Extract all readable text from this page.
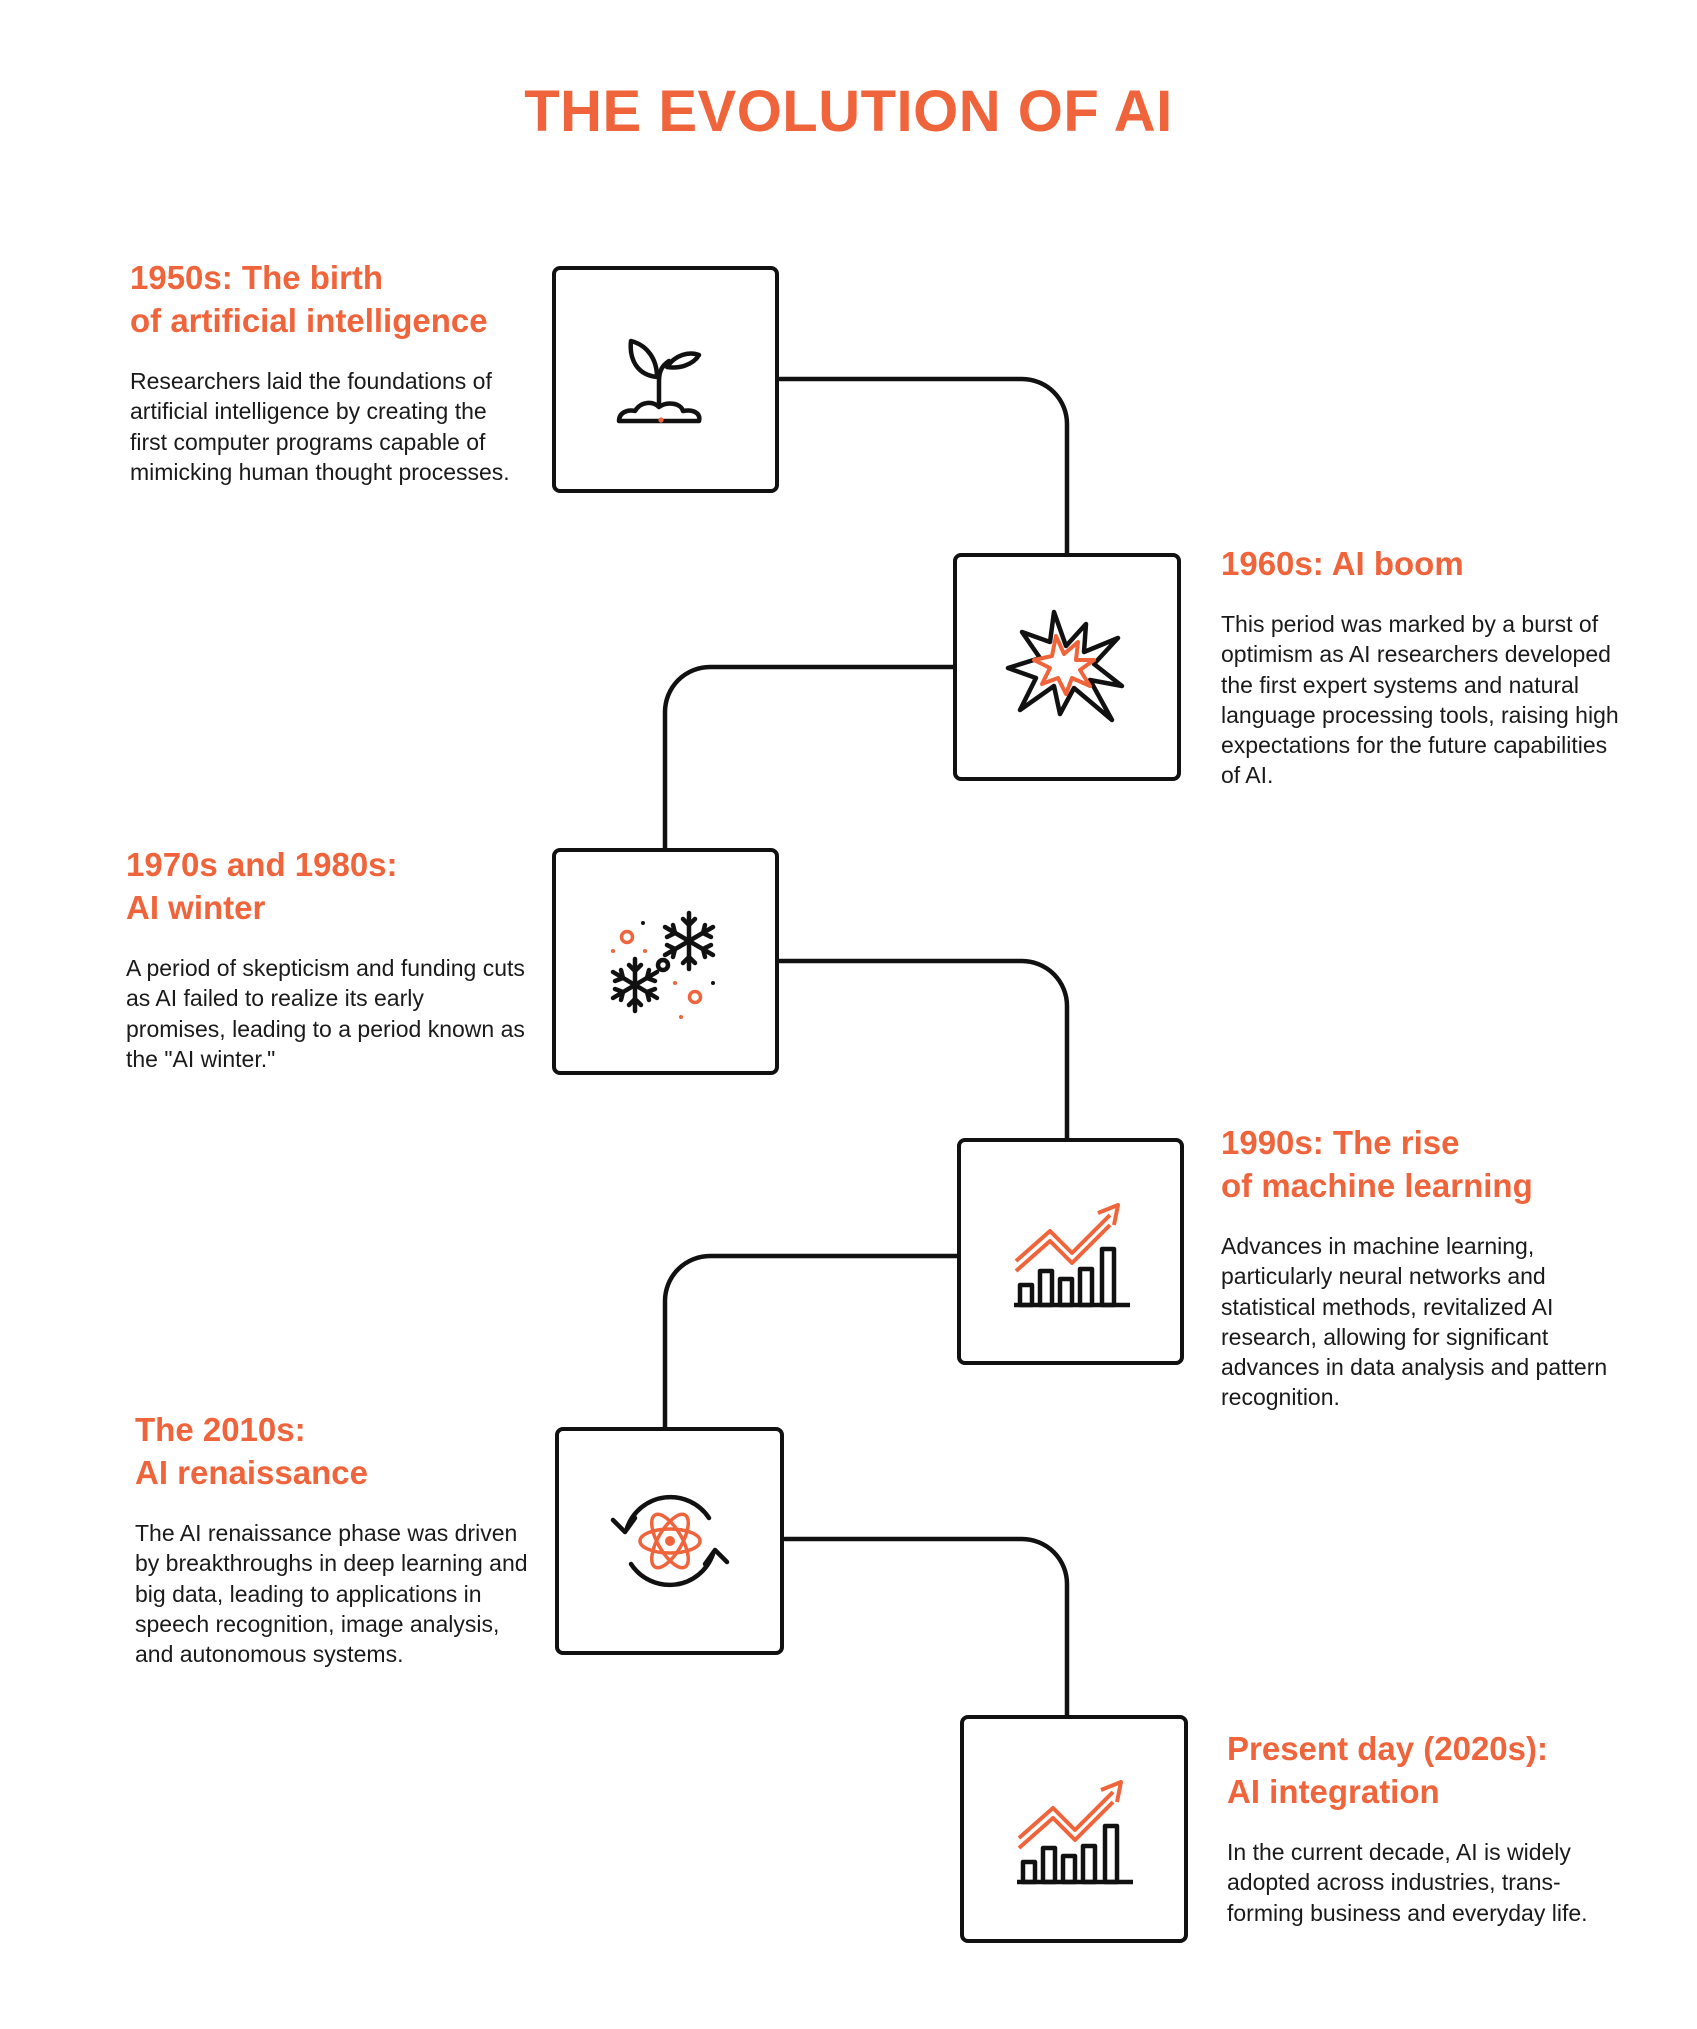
THE EVOLUTION OF AI
1950s: The birth
of artificial intelligence

Researchers laid the foundations of artificial intelligence by creating the first computer programs capable of mimicking human thought processes.

1960s: AI boom

This period was marked by a burst of optimism as AI researchers developed the first expert systems and natural language processing tools, raising high expectations for the future capabilities of AI.

1970s and 1980s:
AI winter

A period of skepticism and funding cuts as AI failed to realize its early promises, leading to a period known as the "AI winter."

1990s: The rise
of machine learning

Advances in machine learning, particularly neural networks and statistical methods, revitalized AI research, allowing for significant advances in data analysis and pattern recognition.

The 2010s:
AI renaissance

The AI renaissance phase was driven by breakthroughs in deep learning and big data, leading to applications in speech recognition, image analysis, and autonomous systems.

Present day (2020s):
AI integration

In the current decade, AI is widely adopted across industries, trans-forming business and everyday life.
